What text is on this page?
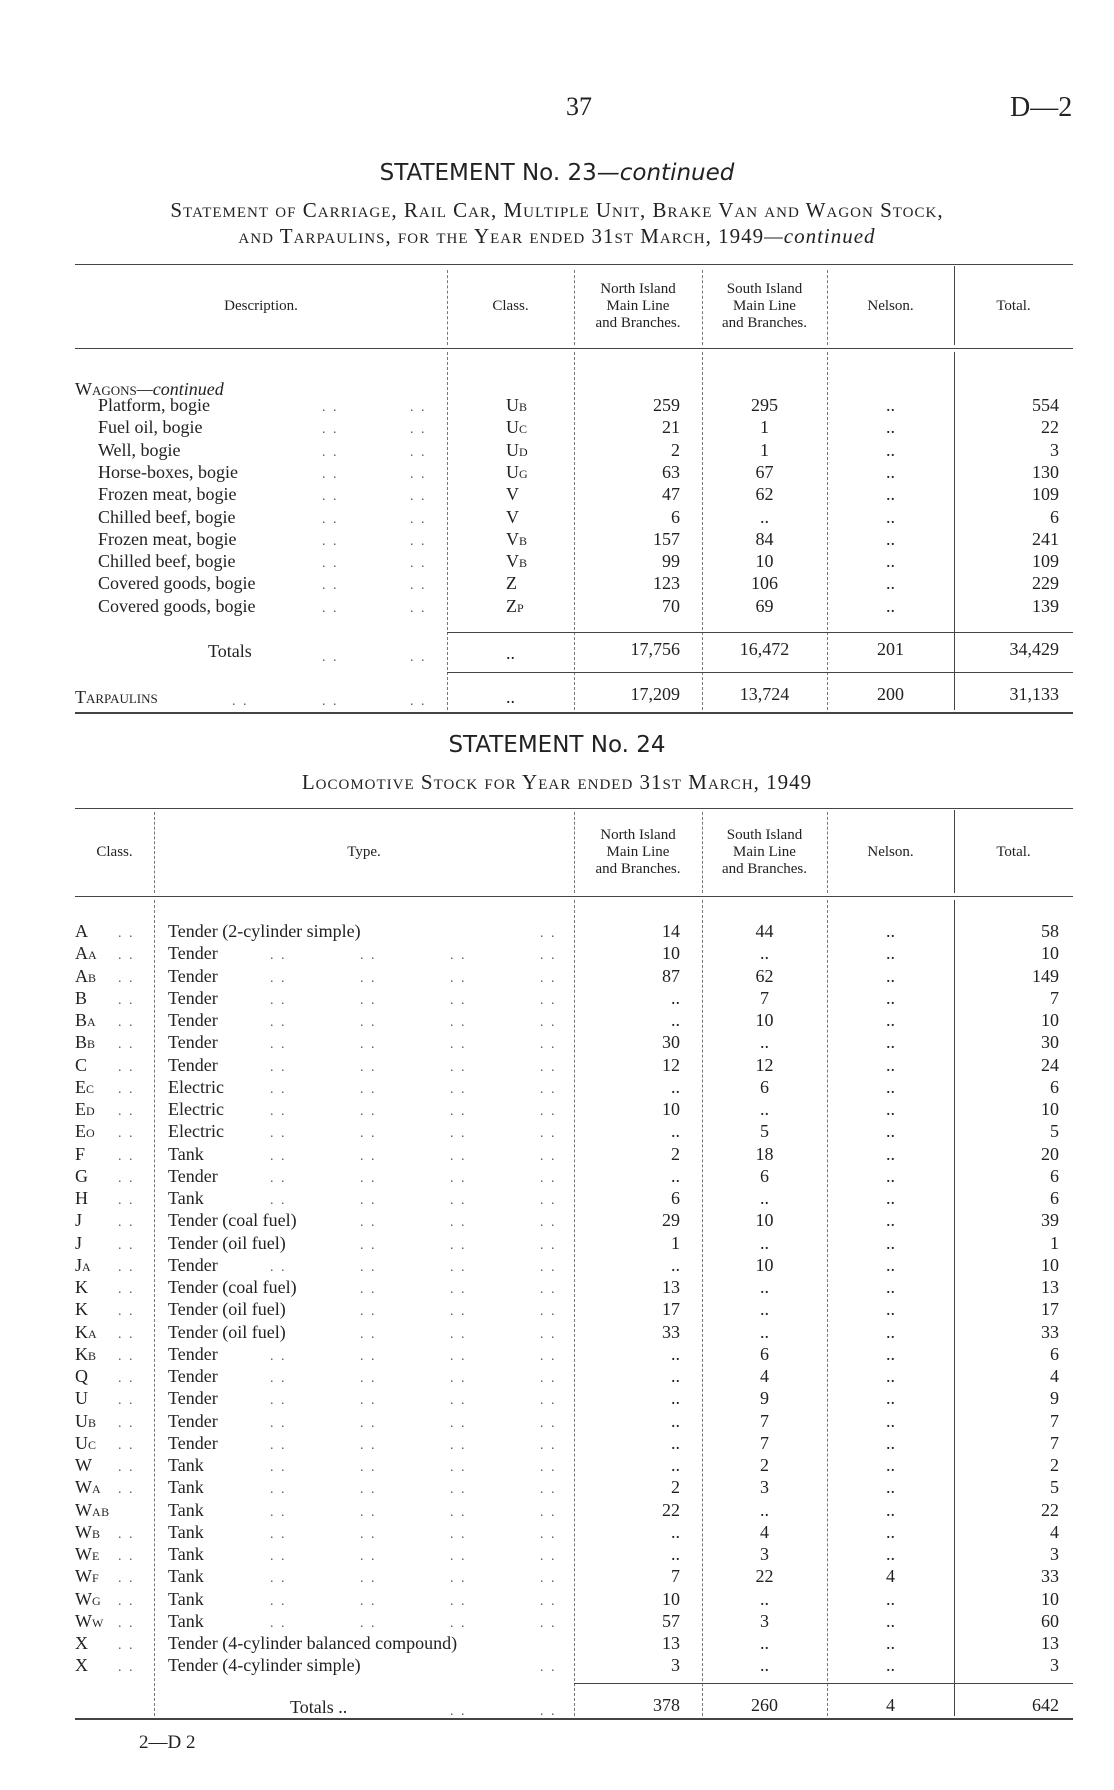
37	D—2
STATEMENT No. 23—continued
Statement of Carriage, Rail Car, Multiple Unit, Brake Van and Wagon Stock,
and Tarpaulins, for the Year ended 31st March, 1949—continued
Description.	Class.
North Island
Main Line
and Branches.
South Island
Main Line
and Branches.
Nelson.	Total.
Wagons—continued
Platform, bogie . . . .	UB	259	295	..	554
Fuel oil, bogie . . . .	UC	21	1	..	22
Well, bogie . . . .	UD	2	1	..	3
Horse-boxes, bogie . . . .	UG	63	67	..	130
Frozen meat, bogie . . . .	V	47	62	..	109
Chilled beef, bogie . . . .	V	6	..	..	6
Frozen meat, bogie . . . .	VB	157	84	..	241
Chilled beef, bogie . . . .	VB	99	10	..	109
Covered goods, bogie . . . .	Z	123	106	..	229
Covered goods, bogie . . . .	ZP	70	69	..	139
Totals . . . .	..	17,756	16,472	201	34,429
Tarpaulins . . . . . .	..	17,209	13,724	200	31,133
STATEMENT No. 24
Locomotive Stock for Year ended 31st March, 1949
Class.	Type.
North Island
Main Line
and Branches.
South Island
Main Line
and Branches.
Nelson.	Total.
A . .	Tender (2-cylinder simple) . .	14	44	..	58
AA . .	Tender . . . . . . . .	10	..	..	10
AB . .	Tender . . . . . . . .	87	62	..	149
B . .	Tender . . . . . . . .	..	7	..	7
BA . .	Tender . . . . . . . .	..	10	..	10
BB . .	Tender . . . . . . . .	30	..	..	30
C . .	Tender . . . . . . . .	12	12	..	24
EC . .	Electric . . . . . . . .	..	6	..	6
ED . .	Electric . . . . . . . .	10	..	..	10
EO . .	Electric . . . . . . . .	..	5	..	5
F . .	Tank . . . . . . . .	2	18	..	20
G . .	Tender . . . . . . . .	..	6	..	6
H . .	Tank . . . . . . . .	6	..	..	6
J . .	Tender (coal fuel) . . . . . .	29	10	..	39
J . .	Tender (oil fuel) . . . . . .	1	..	..	1
JA . .	Tender . . . . . . . .	..	10	..	10
K . .	Tender (coal fuel) . . . . . .	13	..	..	13
K . .	Tender (oil fuel) . . . . . .	17	..	..	17
KA . .	Tender (oil fuel) . . . . . .	33	..	..	33
KB . .	Tender . . . . . . . .	..	6	..	6
Q . .	Tender . . . . . . . .	..	4	..	4
U . .	Tender . . . . . . . .	..	9	..	9
UB . .	Tender . . . . . . . .	..	7	..	7
UC . .	Tender . . . . . . . .	..	7	..	7
W . .	Tank . . . . . . . .	..	2	..	2
WA . .	Tank . . . . . . . .	2	3	..	5
WAB	Tank . . . . . . . .	22	..	..	22
WB . .	Tank . . . . . . . .	..	4	..	4
WE . .	Tank . . . . . . . .	..	3	..	3
WF . .	Tank . . . . . . . .	7	22	4	33
WG . .	Tank . . . . . . . .	10	..	..	10
WW . .	Tank . . . . . . . .	57	3	..	60
X . .	Tender (4-cylinder balanced compound)	13	..	..	13
X . .	Tender (4-cylinder simple) . .	3	..	..	3
Totals .. . . . .	378	260	4	642
2—D 2
